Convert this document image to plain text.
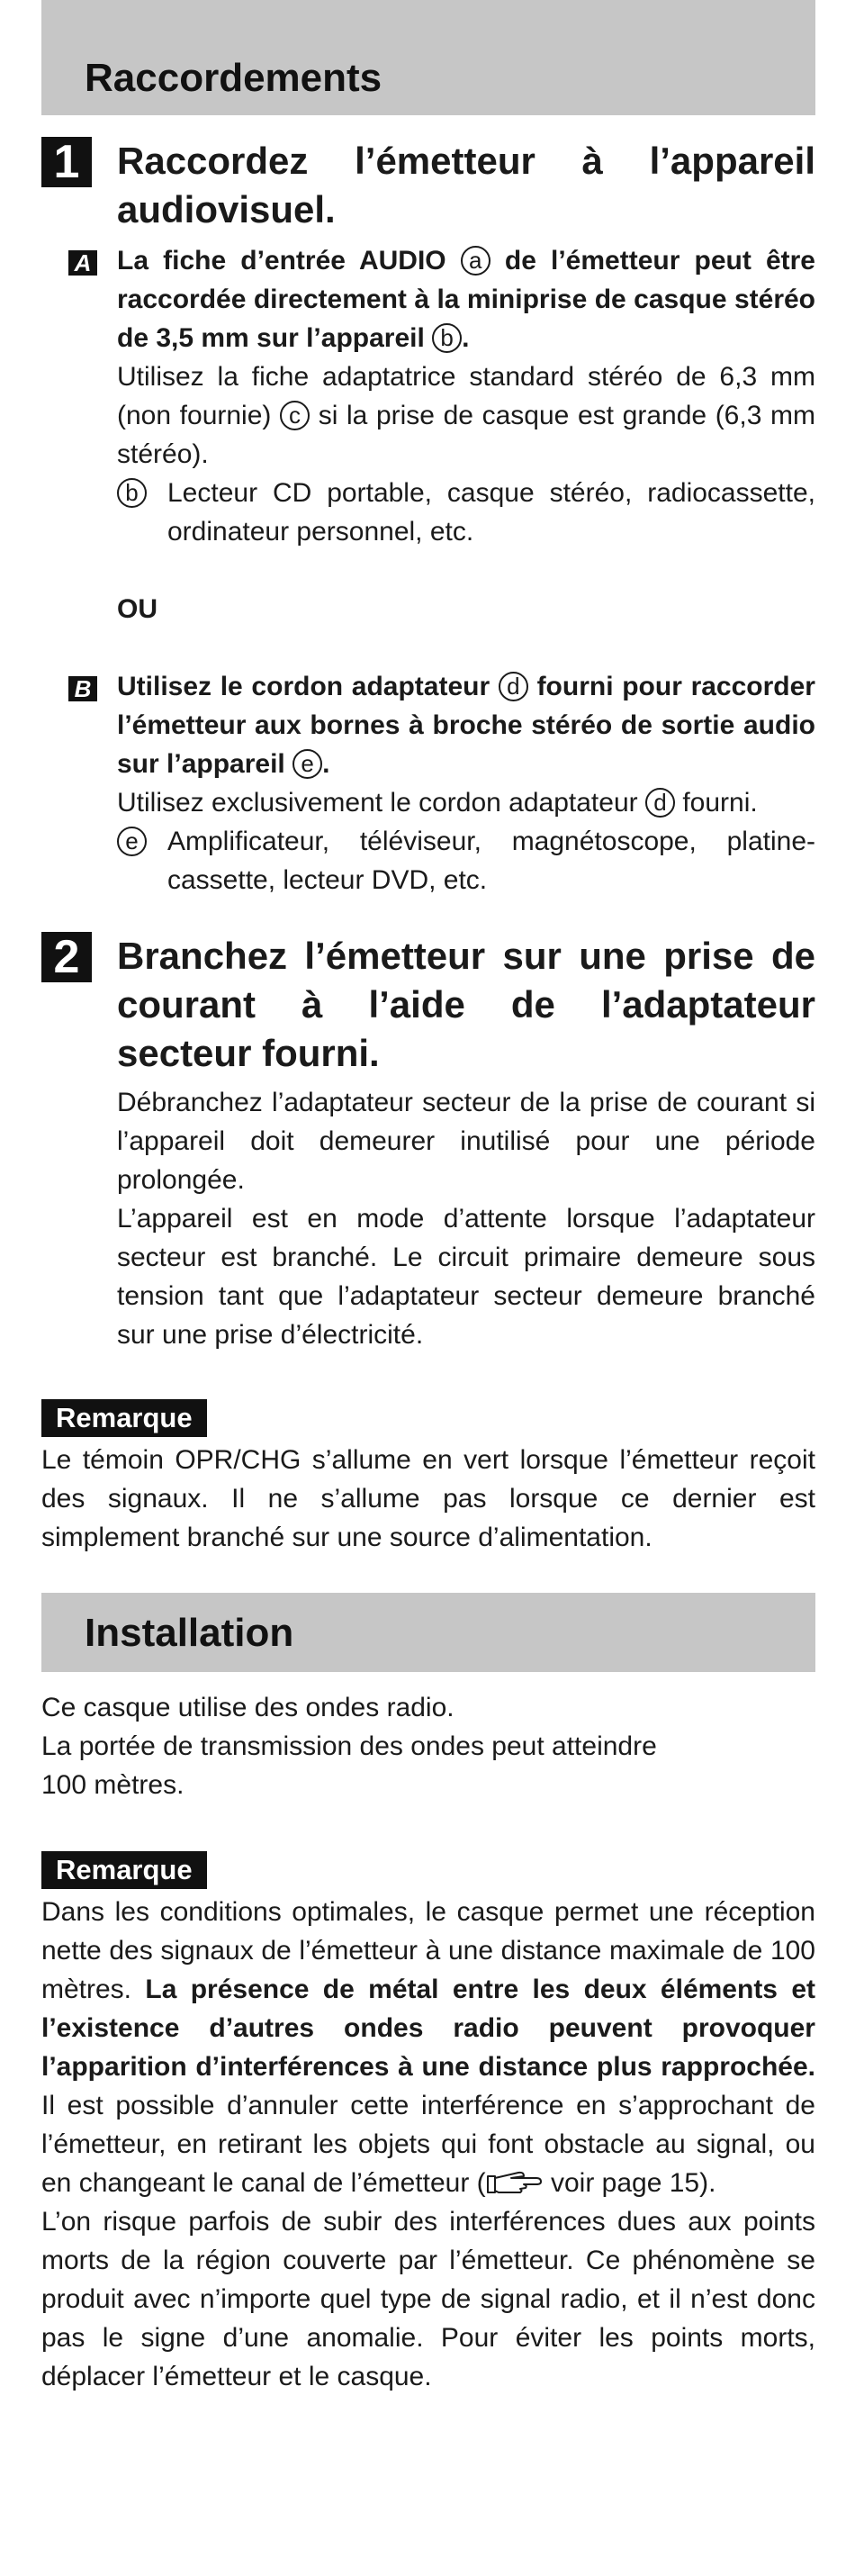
Raccordements
1 Raccordez l’émetteur à l’appareil
audiovisuel.
A La fiche d’entrée AUDIO a de l’émetteur peut être raccordée directement à la miniprise de casque stéréo de 3,5 mm sur l’appareil b .

Utilisez la fiche adaptatrice standard stéréo de 6,3 mm (non fournie) c si la prise de casque est grande (6,3 mm stéréo).

b	Lecteur CD portable, casque stéréo, radiocassette, ordinateur personnel, etc.

OU
B Utilisez le cordon adaptateur d fourni pour raccorder l’émetteur aux bornes à broche stéréo de sortie audio sur l’appareil e .

Utilisez exclusivement le cordon adaptateur d fourni.

e	Amplificateur, téléviseur, magnétoscope, platine-cassette, lecteur DVD, etc.

2 Branchez l’émetteur sur une prise de courant à l’aide de l’adaptateur secteur fourni.

Débranchez l’adaptateur secteur de la prise de courant si l’appareil doit demeurer inutilisé pour une période prolongée.

L’appareil est en mode d’attente lorsque l’adaptateur secteur est branché. Le circuit primaire demeure sous tension tant que l’adaptateur secteur demeure branché sur une prise d’électricité.

Remarque

Le témoin OPR/CHG s’allume en vert lorsque l’émetteur reçoit des signaux. Il ne s’allume pas lorsque ce dernier est simplement branché sur une source d’alimentation.

Installation

Ce casque utilise des ondes radio.

La portée de transmission des ondes peut atteindre

100 mètres.

Remarque

Dans les conditions optimales, le casque permet une réception nette des signaux de l’émetteur à une distance maximale de 100 mètres. La présence de métal entre les deux éléments et l’existence d’autres ondes radio peuvent provoquer l’apparition d’interférences à une distance plus rapprochée. Il est possible d’annuler cette interférence en s’approchant de l’émetteur, en retirant les objets qui font obstacle au signal, ou en changeant le canal de l’émetteur ( voir page 15).

L’on risque parfois de subir des interférences dues aux points morts de la région couverte par l’émetteur. Ce phénomène se produit avec n’importe quel type de signal radio, et il n’est donc pas le signe d’une anomalie. Pour éviter les points morts, déplacer l’émetteur et le casque.
